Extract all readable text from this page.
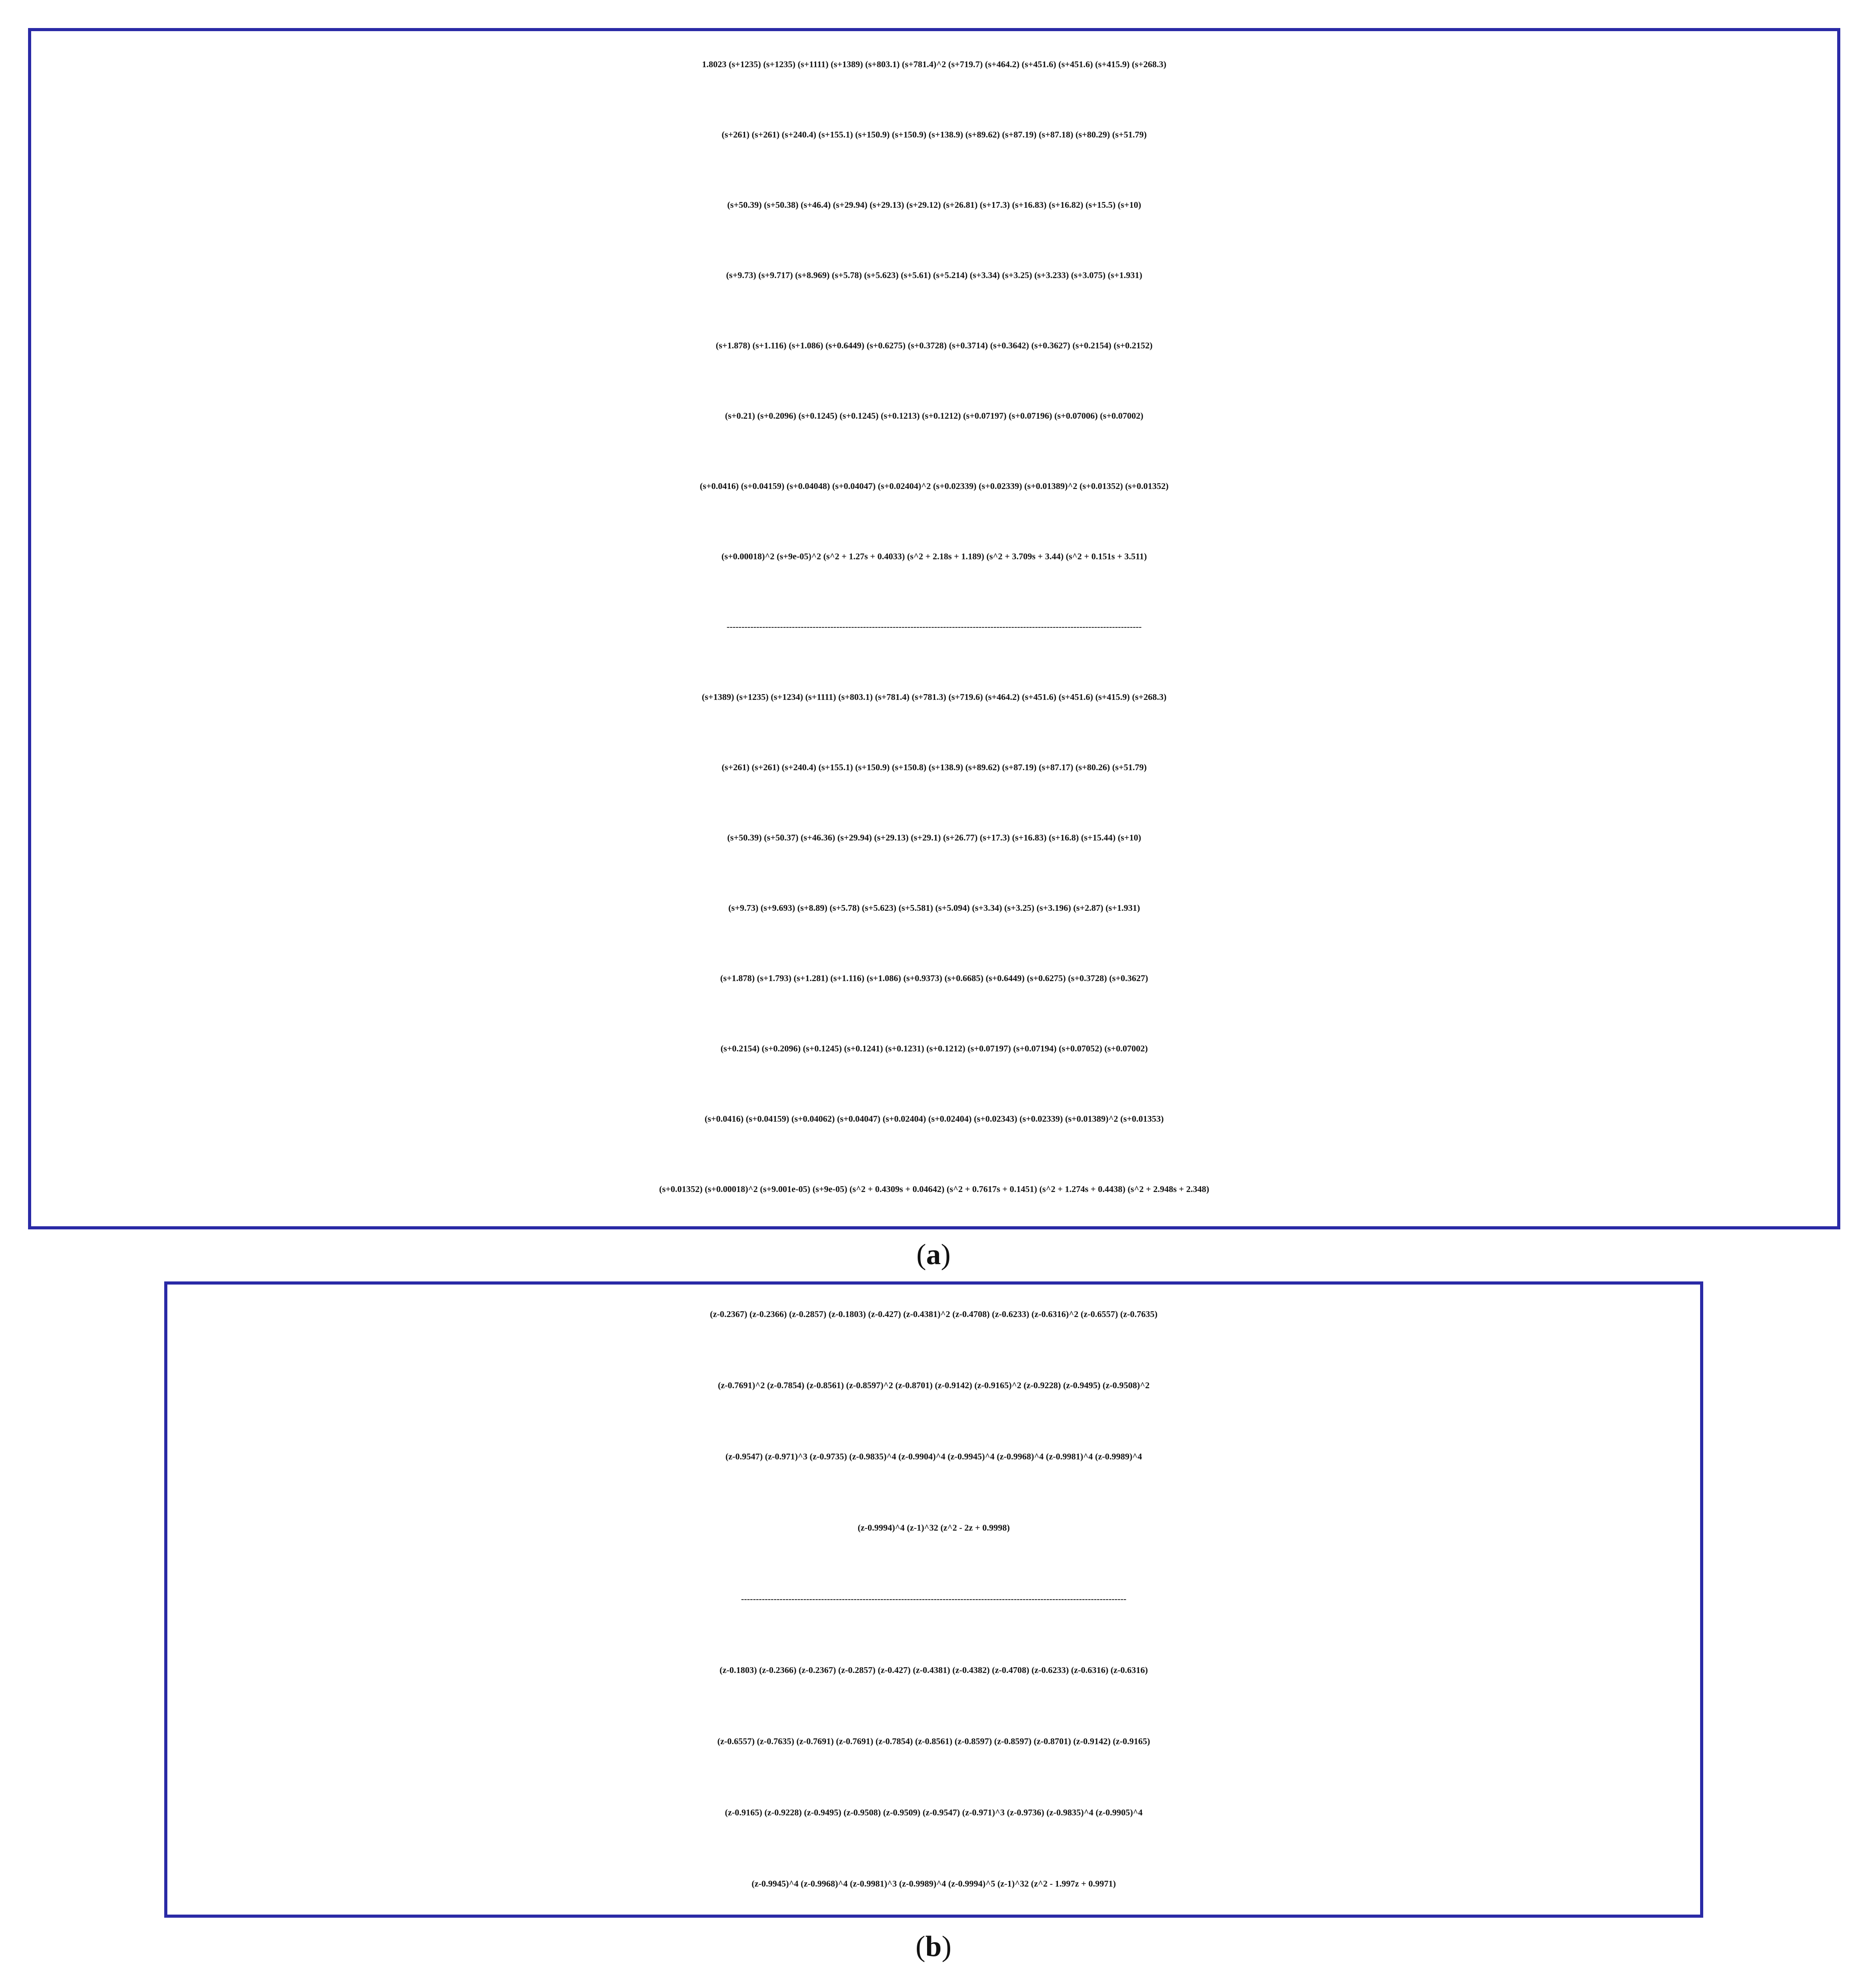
1.8023 (s+1235) (s+1235) (s+1111) (s+1389) (s+803.1) (s+781.4)^2 (s+719.7) (s+464.2) (s+451.6) (s+451.6) (s+415.9) (s+268.3)
(s+261) (s+261) (s+240.4) (s+155.1) (s+150.9) (s+150.9) (s+138.9) (s+89.62) (s+87.19) (s+87.18) (s+80.29) (s+51.79)
(s+50.39) (s+50.38) (s+46.4) (s+29.94) (s+29.13) (s+29.12) (s+26.81) (s+17.3) (s+16.83) (s+16.82) (s+15.5) (s+10)
(s+9.73) (s+9.717) (s+8.969) (s+5.78) (s+5.623) (s+5.61) (s+5.214) (s+3.34) (s+3.25) (s+3.233) (s+3.075) (s+1.931)
(s+1.878) (s+1.116) (s+1.086) (s+0.6449) (s+0.6275) (s+0.3728) (s+0.3714) (s+0.3642) (s+0.3627) (s+0.2154) (s+0.2152)
(s+0.21) (s+0.2096) (s+0.1245) (s+0.1245) (s+0.1213) (s+0.1212) (s+0.07197) (s+0.07196) (s+0.07006) (s+0.07002)
(s+0.0416) (s+0.04159) (s+0.04048) (s+0.04047) (s+0.02404)^2 (s+0.02339) (s+0.02339) (s+0.01389)^2 (s+0.01352) (s+0.01352)
(s+0.00018)^2 (s+9e-05)^2 (s^2 + 1.27s + 0.4033) (s^2 + 2.18s + 1.189) (s^2 + 3.709s + 3.44) (s^2 + 0.151s + 3.511)
--------------------------------------------------------------------------------------------------------------------------------------------
(s+1389) (s+1235) (s+1234) (s+1111) (s+803.1) (s+781.4) (s+781.3) (s+719.6) (s+464.2) (s+451.6) (s+451.6) (s+415.9) (s+268.3)
(s+261) (s+261) (s+240.4) (s+155.1) (s+150.9) (s+150.8) (s+138.9) (s+89.62) (s+87.19) (s+87.17) (s+80.26) (s+51.79)
(s+50.39) (s+50.37) (s+46.36) (s+29.94) (s+29.13) (s+29.1) (s+26.77) (s+17.3) (s+16.83) (s+16.8) (s+15.44) (s+10)
(s+9.73) (s+9.693) (s+8.89) (s+5.78) (s+5.623) (s+5.581) (s+5.094) (s+3.34) (s+3.25) (s+3.196) (s+2.87) (s+1.931)
(s+1.878) (s+1.793) (s+1.281) (s+1.116) (s+1.086) (s+0.9373) (s+0.6685) (s+0.6449) (s+0.6275) (s+0.3728) (s+0.3627)
(s+0.2154) (s+0.2096) (s+0.1245) (s+0.1241) (s+0.1231) (s+0.1212) (s+0.07197) (s+0.07194) (s+0.07052) (s+0.07002)
(s+0.0416) (s+0.04159) (s+0.04062) (s+0.04047) (s+0.02404) (s+0.02404) (s+0.02343) (s+0.02339) (s+0.01389)^2 (s+0.01353)
(s+0.01352) (s+0.00018)^2 (s+9.001e-05) (s+9e-05) (s^2 + 0.4309s + 0.04642) (s^2 + 0.7617s + 0.1451) (s^2 + 1.274s + 0.4438) (s^2 + 2.948s + 2.348)
(a)
(z-0.2367) (z-0.2366) (z-0.2857) (z-0.1803) (z-0.427) (z-0.4381)^2 (z-0.4708) (z-0.6233) (z-0.6316)^2 (z-0.6557) (z-0.7635)
(z-0.7691)^2 (z-0.7854) (z-0.8561) (z-0.8597)^2 (z-0.8701) (z-0.9142) (z-0.9165)^2 (z-0.9228) (z-0.9495) (z-0.9508)^2
(z-0.9547) (z-0.971)^3 (z-0.9735) (z-0.9835)^4 (z-0.9904)^4 (z-0.9945)^4 (z-0.9968)^4 (z-0.9981)^4 (z-0.9989)^4
(z-0.9994)^4 (z-1)^32 (z^2 - 2z + 0.9998)
----------------------------------------------------------------------------------------------------------------------------------
(z-0.1803) (z-0.2366) (z-0.2367) (z-0.2857) (z-0.427) (z-0.4381) (z-0.4382) (z-0.4708) (z-0.6233) (z-0.6316) (z-0.6316)
(z-0.6557) (z-0.7635) (z-0.7691) (z-0.7691) (z-0.7854) (z-0.8561) (z-0.8597) (z-0.8597) (z-0.8701) (z-0.9142) (z-0.9165)
(z-0.9165) (z-0.9228) (z-0.9495) (z-0.9508) (z-0.9509) (z-0.9547) (z-0.971)^3 (z-0.9736) (z-0.9835)^4 (z-0.9905)^4
(z-0.9945)^4 (z-0.9968)^4 (z-0.9981)^3 (z-0.9989)^4 (z-0.9994)^5 (z-1)^32 (z^2 - 1.997z + 0.9971)
(b)
